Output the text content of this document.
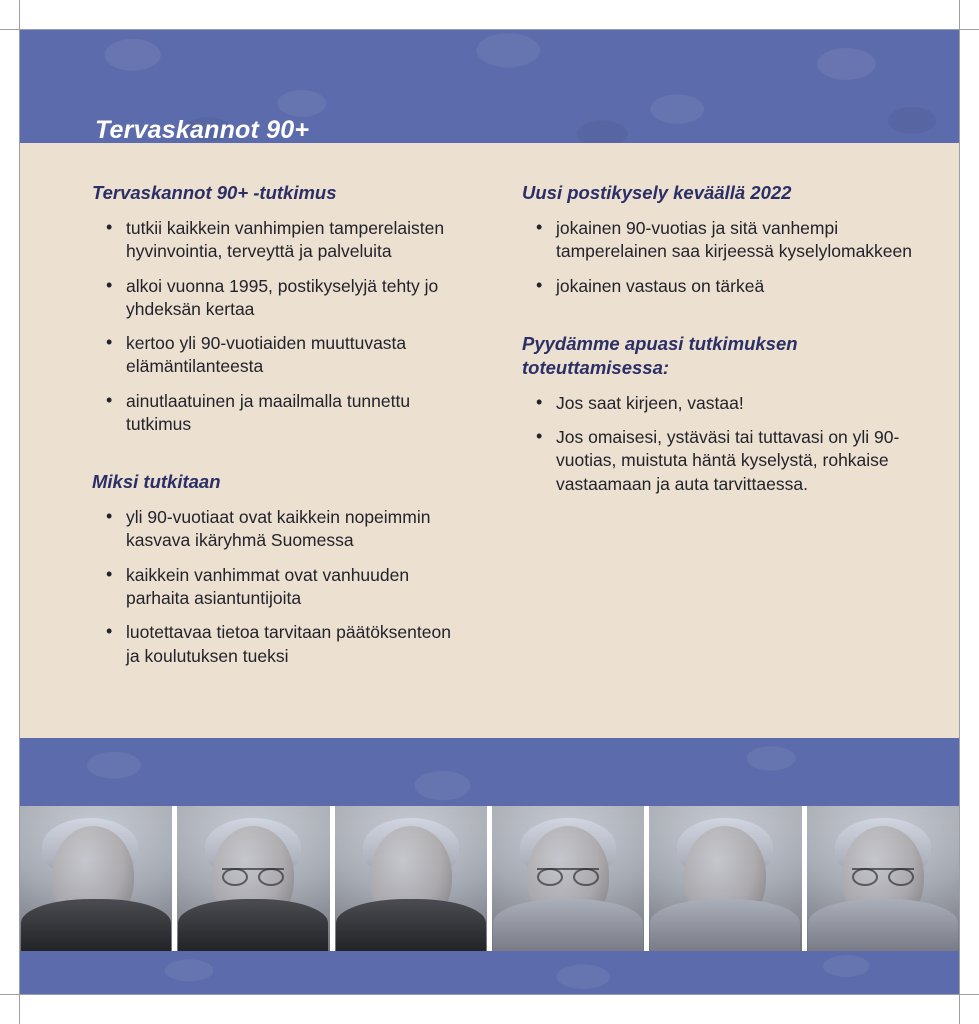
Tervaskannot 90+
Tervaskannot 90+ -tutkimus
• tutkii kaikkein vanhimpien tamperelaisten hyvinvointia, terveyttä ja palveluita
• alkoi vuonna 1995, postikyselyjä tehty jo yhdeksän kertaa
• kertoo yli 90-vuotiaiden muuttuvasta elämäntilanteesta
• ainutlaatuinen ja maailmalla tunnettu tutkimus
Miksi tutkitaan
• yli 90-vuotiaat ovat kaikkein nopeimmin kasvava ikäryhmä Suomessa
• kaikkein vanhimmat ovat vanhuuden parhaita asiantuntijoita
• luotettavaa tietoa tarvitaan päätöksenteon ja koulutuksen tueksi
Uusi postikysely keväällä 2022
• jokainen 90-vuotias ja sitä vanhempi tamperelainen saa kirjeessä kyselylomakkeen
• jokainen vastaus on tärkeä
Pyydämme apuasi tutkimuksen toteuttamisessa:
• Jos saat kirjeen, vastaa!
• Jos omaisesi, ystäväsi tai tuttavasi on yli 90-vuotias, muistuta häntä kyselystä, rohkaise vastaamaan ja auta tarvittaessa.
